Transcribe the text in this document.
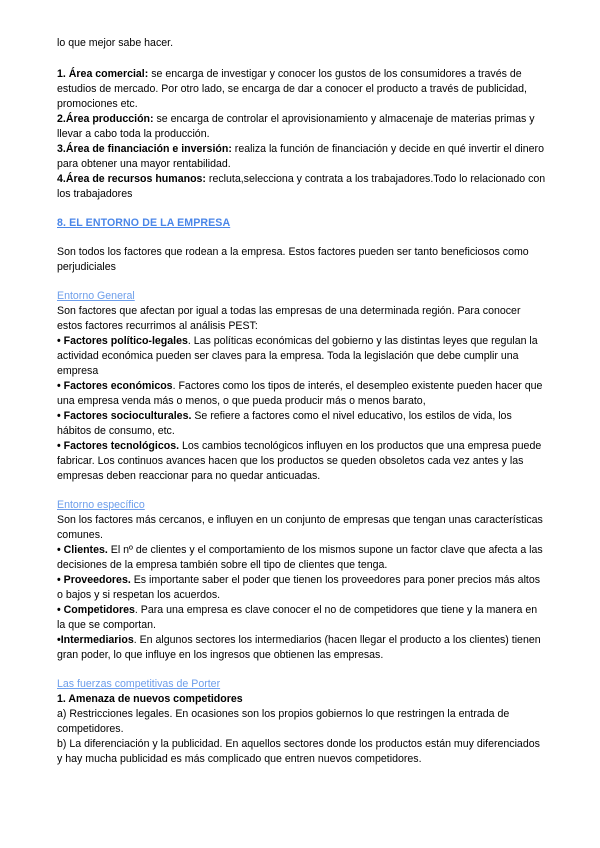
lo que mejor sabe hacer.

1. Área comercial: se encarga de investigar y conocer los gustos de los consumidores a través de estudios de mercado. Por otro lado, se encarga de dar a conocer el producto a través de publicidad, promociones etc.

2.Área producción: se encarga de controlar el aprovisionamiento y almacenaje de materias primas y llevar a cabo toda la producción.

3.Área de financiación e inversión: realiza la función de financiación y decide en qué invertir el dinero para obtener una mayor rentabilidad.

4.Área de recursos humanos: recluta,selecciona y contrata a los trabajadores.Todo lo relacionado con los trabajadores

8. EL ENTORNO DE LA EMPRESA

Son todos los factores que rodean a la empresa. Estos factores pueden ser tanto beneficiosos como perjudiciales

Entorno General

Son factores que afectan por igual a todas las empresas de una determinada región. Para conocer estos factores recurrimos al análisis PEST:

• Factores político-legales. Las políticas económicas del gobierno y las distintas leyes que regulan la actividad económica pueden ser claves para la empresa. Toda la legislación que debe cumplir una empresa

• Factores económicos. Factores como los tipos de interés, el desempleo existente pueden hacer que una empresa venda más o menos, o que pueda producir más o menos barato,

• Factores socioculturales. Se refiere a factores como el nivel educativo, los estilos de vida, los hábitos de consumo, etc.

• Factores tecnológicos. Los cambios tecnológicos influyen en los productos que una empresa puede fabricar. Los continuos avances hacen que los productos se queden obsoletos cada vez antes y las empresas deben reaccionar para no quedar anticuadas.

Entorno específico

Son los factores más cercanos, e influyen en un conjunto de empresas que tengan unas características comunes.

• Clientes. El nº de clientes y el comportamiento de los mismos supone un factor clave que afecta a las decisiones de la empresa también sobre ell tipo de clientes que tenga.

• Proveedores. Es importante saber el poder que tienen los proveedores para poner precios más altos o bajos y si respetan los acuerdos.

• Competidores. Para una empresa es clave conocer el no de competidores que tiene y la manera en la que se comportan.

•Intermediarios. En algunos sectores los intermediarios (hacen llegar el producto a los clientes) tienen gran poder, lo que influye en los ingresos que obtienen las empresas.

Las fuerzas competitivas de Porter

1. Amenaza de nuevos competidores

a) Restricciones legales. En ocasiones son los propios gobiernos lo que restringen la entrada de competidores.

b) La diferenciación y la publicidad. En aquellos sectores donde los productos están muy diferenciados y hay mucha publicidad es más complicado que entren nuevos competidores.
